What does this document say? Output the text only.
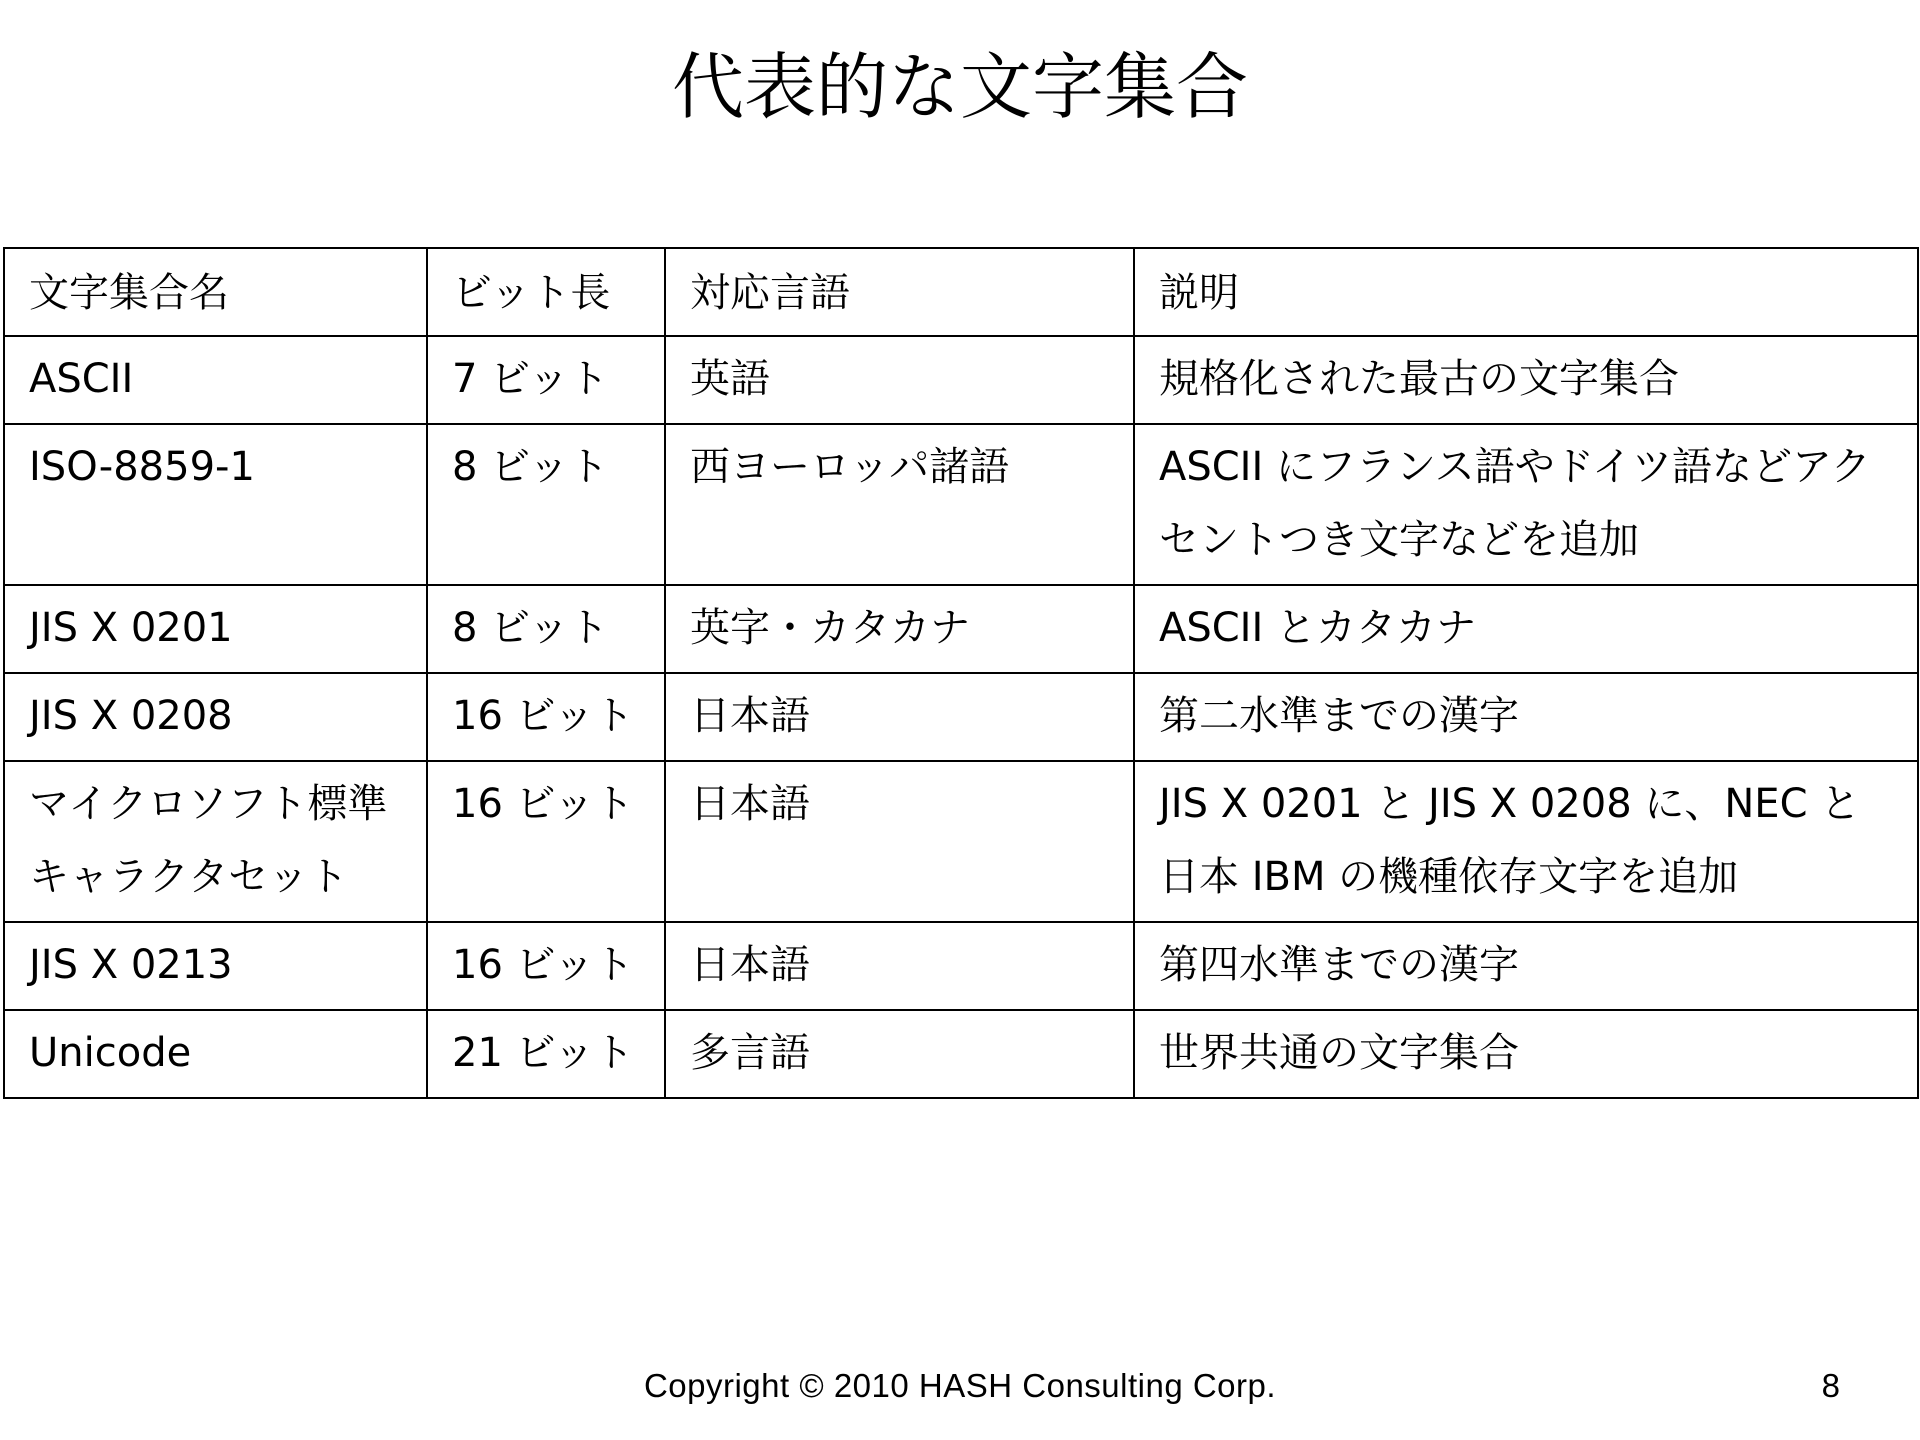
代表的な文字集合
文字集合名	ビット長	対応言語	説明
ASCII	7 ビット	英語	規格化された最古の文字集合
ISO-8859-1	8 ビット	西ヨーロッパ諸語	ASCII にフランス語やドイツ語などアク
セントつき文字などを追加
JIS X 0201	8 ビット	英字・カタカナ	ASCII とカタカナ
JIS X 0208	16 ビット	日本語	第二水準までの漢字
マイクロソフト標準
キャラクタセット	16 ビット	日本語	JIS X 0201 と JIS X 0208 に、NEC と
日本 IBM の機種依存文字を追加
JIS X 0213	16 ビット	日本語	第四水準までの漢字
Unicode	21 ビット	多言語	世界共通の文字集合
Copyright © 2010 HASH Consulting Corp.	8
